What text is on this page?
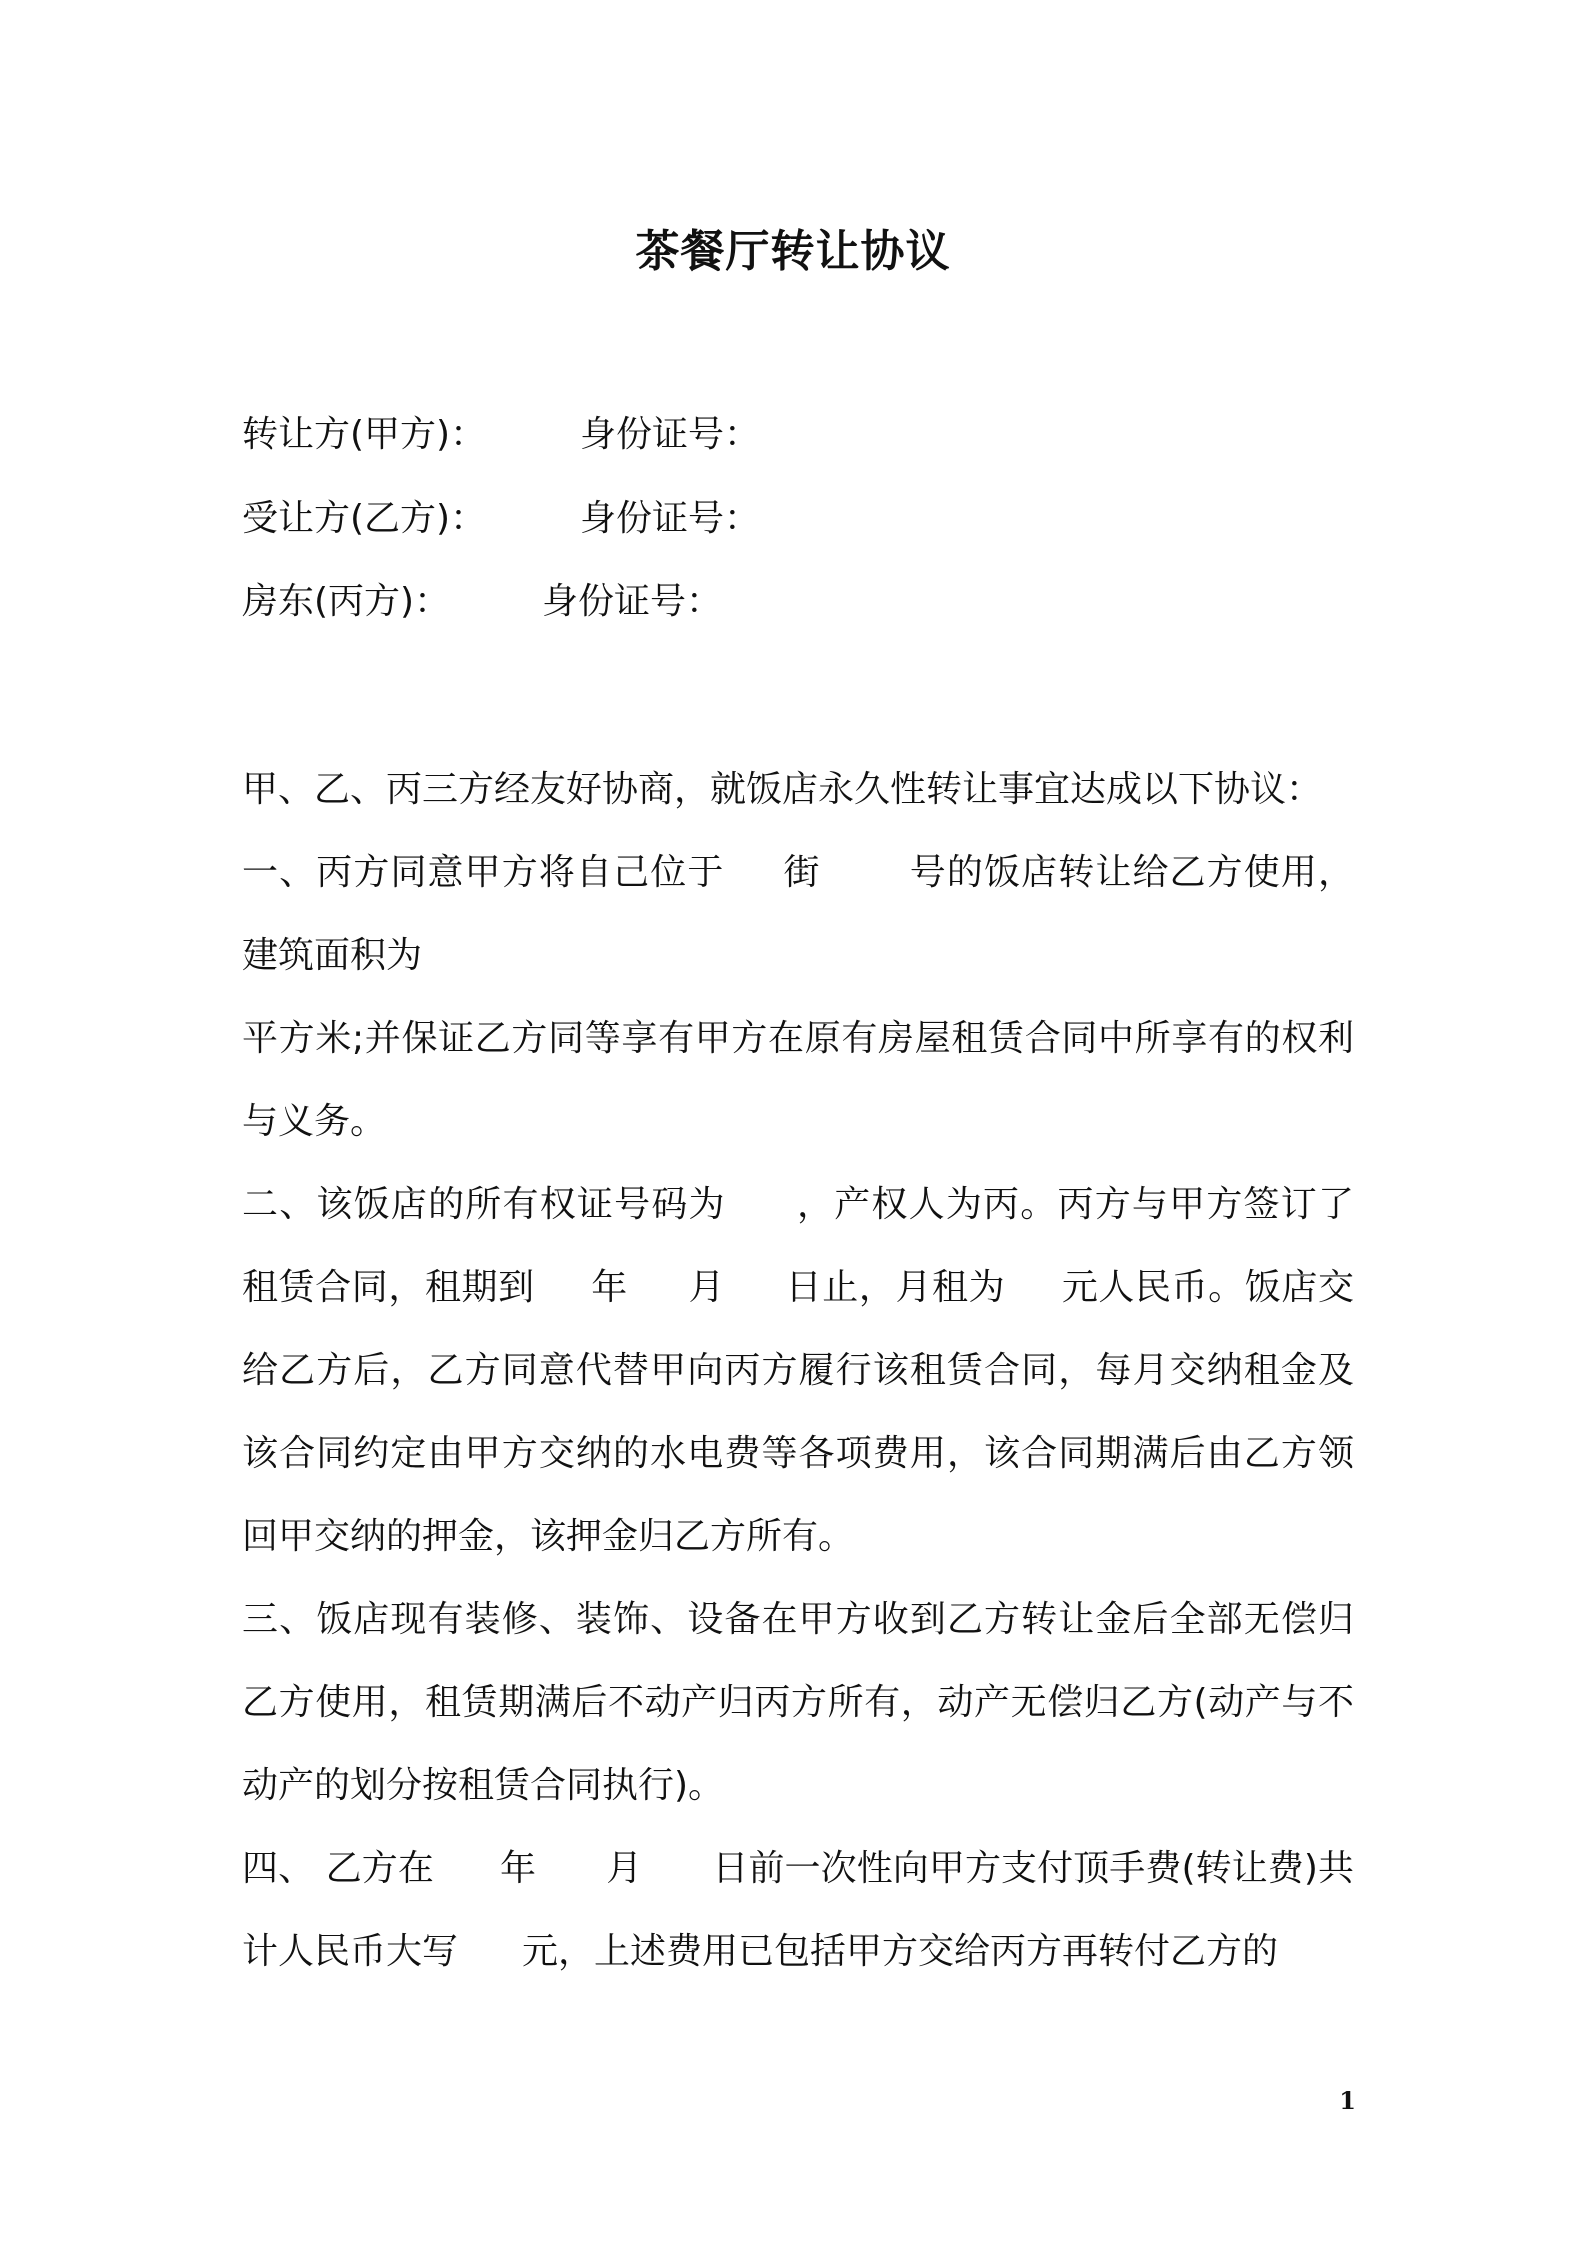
茶餐厅转让协议
转让方(甲方)：	身份证号：
受让方(乙方)：	身份证号：
房东(丙方)：	身份证号：

甲、乙、丙三方经友好协商，就饭店永久性转让事宜达成以下协议：

一、丙方同意甲方将自己位于 街 号的饭店转让给乙方使用，建筑面积为
平方米;并保证乙方同等享有甲方在原有房屋租赁合同中所享有的权利与义务。

二、该饭店的所有权证号码为 ，产权人为丙。丙方与甲方签订了租赁合同，租期到 年 月 日止，月租为 元人民币。饭店交给乙方后，乙方同意代替甲向丙方履行该租赁合同，每月交纳租金及该合同约定由甲方交纳的水电费等各项费用，该合同期满后由乙方领回甲交纳的押金，该押金归乙方所有。

三、饭店现有装修、装饰、设备在甲方收到乙方转让金后全部无偿归乙方使用，租赁期满后不动产归丙方所有，动产无偿归乙方(动产与不动产的划分按租赁合同执行)。

四、 乙方在 年 月 日前一次性向甲方支付顶手费(转让费)共计人民币大写 元，上述费用已包括甲方交给丙方再转付乙方的

1
